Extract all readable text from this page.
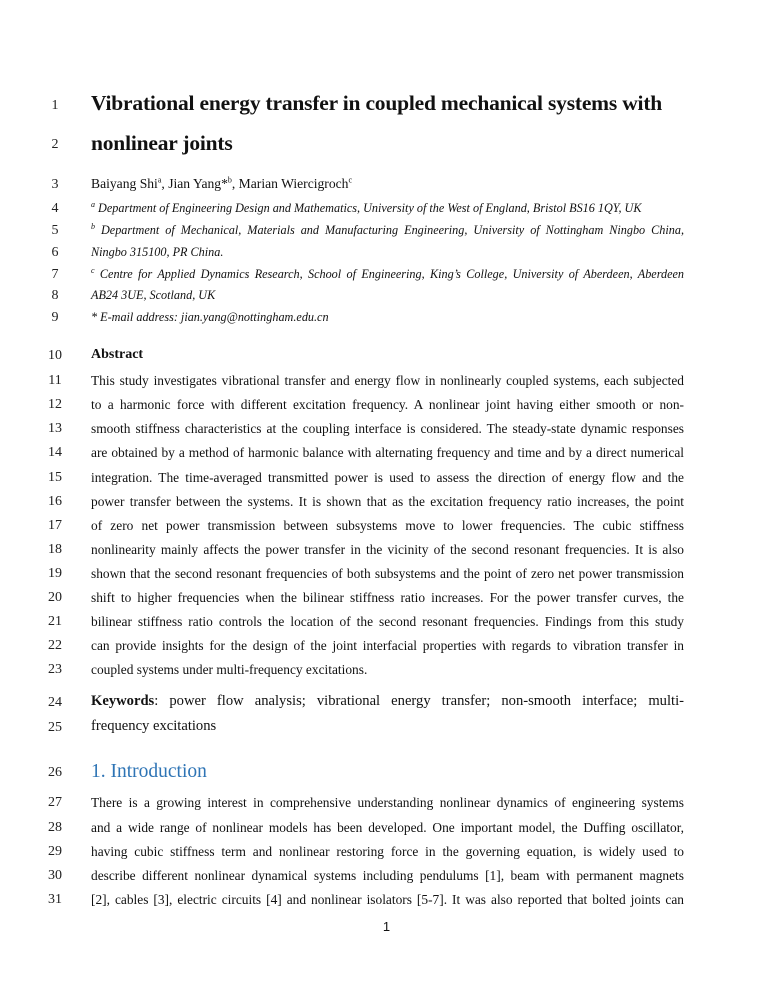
1
2
3
4
5
6
7
8
9
10
11
12
13
14
15
16
17
18
19
20
21
22
23
24
25
26
27
28
29
30
31
Vibrational energy transfer in coupled mechanical systems with
nonlinear joints
Baiyang Shi$^a$, Jian Yang*$^b$, Marian Wiercigroch$^c$
$^a$ Department of Engineering Design and Mathematics, University of the West of England, Bristol BS16 1QY, UK
$^b$ Department of Mechanical, Materials and Manufacturing Engineering, University of Nottingham Ningbo China,
Ningbo 315100, PR China.
$^c$ Centre for Applied Dynamics Research, School of Engineering, King’s College, University of Aberdeen, Aberdeen
AB24 3UE, Scotland, UK
* E-mail address: jian.yang@nottingham.edu.cn
Abstract
This study investigates vibrational transfer and energy flow in nonlinearly coupled systems, each subjected
to a harmonic force with different excitation frequency. A nonlinear joint having either smooth or non-
smooth stiffness characteristics at the coupling interface is considered. The steady-state dynamic responses
are obtained by a method of harmonic balance with alternating frequency and time and by a direct numerical
integration. The time-averaged transmitted power is used to assess the direction of energy flow and the
power transfer between the systems. It is shown that as the excitation frequency ratio increases, the point
of zero net power transmission between subsystems move to lower frequencies. The cubic stiffness
nonlinearity mainly affects the power transfer in the vicinity of the second resonant frequencies. It is also
shown that the second resonant frequencies of both subsystems and the point of zero net power transmission
shift to higher frequencies when the bilinear stiffness ratio increases. For the power transfer curves, the
bilinear stiffness ratio controls the location of the second resonant frequencies. Findings from this study
can provide insights for the design of the joint interfacial properties with regards to vibration transfer in
coupled systems under multi-frequency excitations.
Keywords: power flow analysis; vibrational energy transfer; non-smooth interface; multi-
frequency excitations
1. Introduction
There is a growing interest in comprehensive understanding nonlinear dynamics of engineering systems
and a wide range of nonlinear models has been developed. One important model, the Duffing oscillator,
having cubic stiffness term and nonlinear restoring force in the governing equation, is widely used to
describe different nonlinear dynamical systems including pendulums [1], beam with permanent magnets
[2], cables [3], electric circuits [4] and nonlinear isolators [5-7]. It was also reported that bolted joints can
1
